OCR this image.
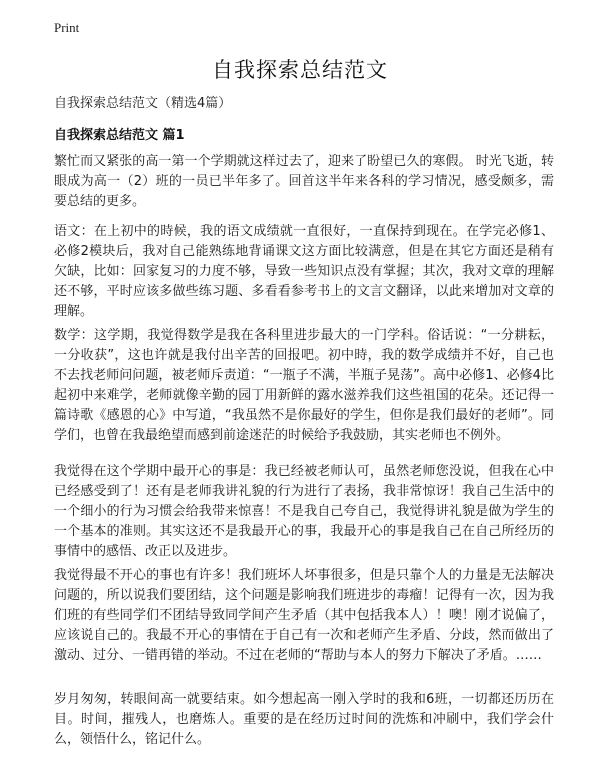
Print
自我探索总结范文
自我探索总结范文（精选4篇）
自我探索总结范文 篇1
繁忙而又紧张的高一第一个学期就这样过去了，迎来了盼望已久的寒假。 时光飞逝，转眼成为高一（2）班的一员已半年多了。回首这半年来各科的学习情况，感受颇多，需要总结的更多。
语文：在上初中的時候，我的语文成绩就一直很好，一直保持到现在。在学完必修1、必修2模块后，我对自己能熟练地背诵课文这方面比较满意，但是在其它方面还是稍有欠缺，比如：回家复习的力度不够，导致一些知识点没有掌握；其次，我对文章的理解还不够，平时应该多做些练习题、多看看参考书上的文言文翻译，以此来增加对文章的理解。
数学：这学期，我觉得数学是我在各科里进步最大的一门学科。俗话说：“一分耕耘，一分收获”，这也许就是我付出辛苦的回报吧。初中時，我的数学成绩并不好，自己也不去找老师问问题，被老师斥责道：“一瓶子不满，半瓶子晃荡”。高中必修1、必修4比起初中来难学，老师就像辛勤的园丁用新鲜的露水滋养我们这些祖国的花朵。还记得一篇诗歌《感恩的心》中写道，“我虽然不是你最好的学生，但你是我们最好的老师”。同学们，也曾在我最绝望而感到前途迷茫的时候给予我鼓励，其实老师也不例外。
我觉得在这个学期中最开心的事是：我已经被老师认可，虽然老师您没说，但我在心中已经感受到了！还有是老师我讲礼貌的行为进行了表扬，我非常惊讶！我自己生活中的一个细小的行为习惯会给我带来惊喜！不是我自己夸自己，我觉得讲礼貌是做为学生的一个基本的准则。其实这还不是我最开心的事，我最开心的事是我自己在自己所经历的事情中的感悟、改正以及进步。
我觉得最不开心的事也有许多！我们班坏人坏事很多，但是只靠个人的力量是无法解决问题的，所以说我们要团结，这个问题是影响我们班进步的毒瘤！记得有一次，因为我们班的有些同学们不团结导致同学间产生矛盾（其中包括我本人）！噢！刚才说偏了，应该说自己的。我最不开心的事情在于自己有一次和老师产生矛盾、分歧，然而做出了激动、过分、一错再错的举动。不过在老师的“帮助与本人的努力下解决了矛盾。……
岁月匆匆，转眼间高一就要结束。如今想起高一刚入学时的我和6班，一切都还历历在目。时间，摧残人，也磨炼人。重要的是在经历过时间的洗炼和冲刷中，我们学会什么，领悟什么，铭记什么。
